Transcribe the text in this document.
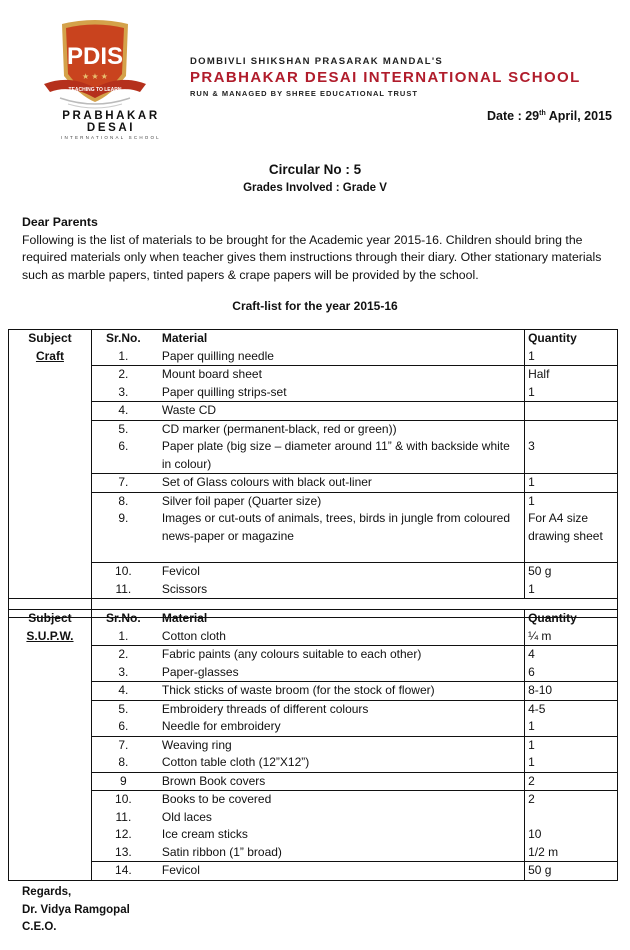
PDIS
★ ★ ★
TEACHING TO LEARN
PRABHAKAR DESAI
INTERNATIONAL SCHOOL
DOMBIVLI SHIKSHAN PRASARAK MANDAL'S
PRABHAKAR DESAI INTERNATIONAL SCHOOL
RUN & MANAGED BY SHREE EDUCATIONAL TRUST
Date : 29th April, 2015
Circular No : 5
Grades Involved : Grade V
Dear Parents
Following is the list of materials to be brought for the Academic year 2015-16. Children should bring the required materials only when teacher gives them instructions through their diary. Other stationary materials such as marble papers, tinted papers & crape papers will be provided by the school.
Craft-list for the year 2015-16
Subject	Sr.No.	Material	Quantity
Craft	1.	Paper quilling needle	1
	2.	Mount board sheet	Half
	3.	Paper quilling strips-set	1
	4.	Waste CD	
	5.	CD marker (permanent-black, red or green))	
	6.	Paper plate (big size – diameter around 11” & with backside white in colour)	3
	7.	Set of Glass colours with black out-liner	1
	8.	Silver foil paper (Quarter size)	1
	9.	Images or cut-outs of animals, trees, birds in jungle from coloured news-paper or magazine	For A4 size drawing sheet
	10.	Fevicol	50 g
	11.	Scissors	1

Subject	Sr.No.	Material	Quantity
S.U.P.W.	1.	Cotton cloth	¼ m
	2.	Fabric paints (any colours suitable to each other)	4
	3.	Paper-glasses	6
	4.	Thick sticks of waste broom (for the stock of flower)	8-10
	5.	Embroidery threads of different colours	4-5
	6.	Needle for embroidery	1
	7.	Weaving ring	1
	8.	Cotton table cloth (12”X12”)	1
	9	Brown Book covers	2
	10.	Books to be covered	2
	11.	Old laces	
	12.	Ice cream sticks	10
	13.	Satin ribbon (1” broad)	1/2 m
	14.	Fevicol	50 g
Regards,
Dr. Vidya Ramgopal
C.E.O.
